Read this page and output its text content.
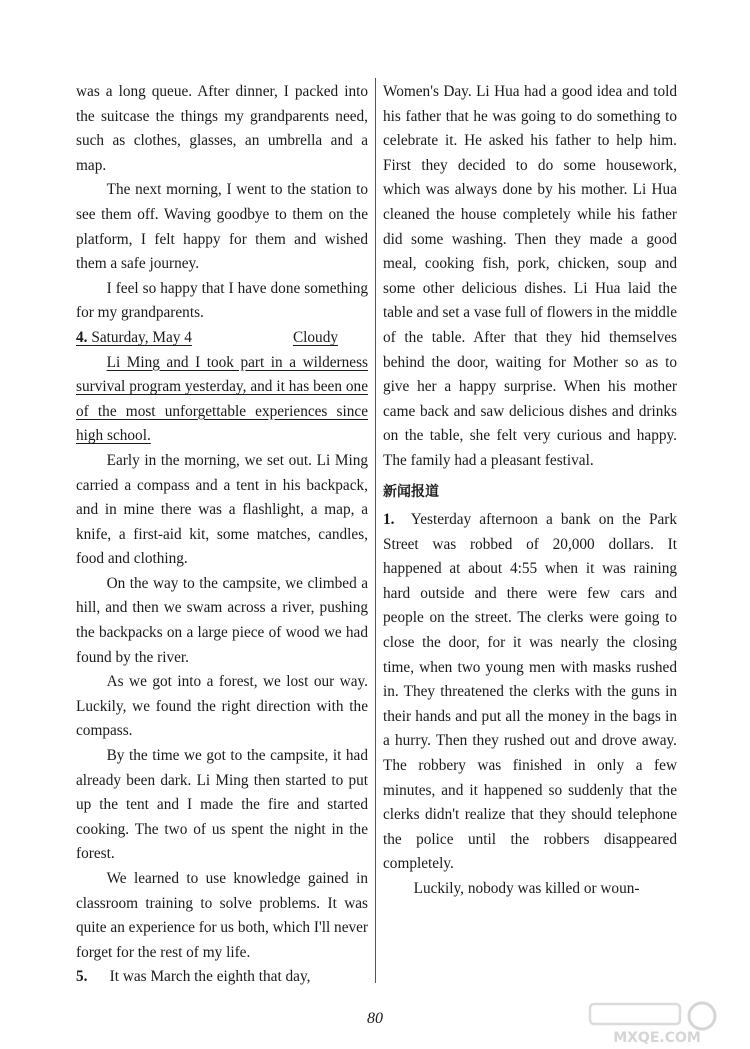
was a long queue. After dinner, I packed into the suitcase the things my grandparents need, such as clothes, glasses, an umbrella and a map.

The next morning, I went to the station to see them off. Waving goodbye to them on the platform, I felt happy for them and wished them a safe journey.

I feel so happy that I have done something for my grandparents.

4. Saturday, May 4	Cloudy

Li Ming and I took part in a wilderness survival program yesterday, and it has been one of the most unforgettable experiences since high school.

Early in the morning, we set out. Li Ming carried a compass and a tent in his backpack, and in mine there was a flashlight, a map, a knife, a first-aid kit, some matches, candles, food and clothing.

On the way to the campsite, we climbed a hill, and then we swam across a river, pushing the backpacks on a large piece of wood we had found by the river.

As we got into a forest, we lost our way. Luckily, we found the right direction with the compass.

By the time we got to the campsite, it had already been dark. Li Ming then started to put up the tent and I made the fire and started cooking. The two of us spent the night in the forest.

We learned to use knowledge gained in classroom training to solve problems. It was quite an experience for us both, which I'll never forget for the rest of my life.

5.	It was March the eighth that day,

Women's Day. Li Hua had a good idea and told his father that he was going to do something to celebrate it. He asked his father to help him. First they decided to do some housework, which was always done by his mother. Li Hua cleaned the house completely while his father did some washing. Then they made a good meal, cooking fish, pork, chicken, soup and some other delicious dishes. Li Hua laid the table and set a vase full of flowers in the middle of the table. After that they hid themselves behind the door, waiting for Mother so as to give her a happy surprise. When his mother came back and saw delicious dishes and drinks on the table, she felt very curious and happy. The family had a pleasant festival.

新闻报道

1. Yesterday afternoon a bank on the Park Street was robbed of 20,000 dollars. It happened at about 4:55 when it was raining hard outside and there were few cars and people on the street. The clerks were going to close the door, for it was nearly the closing time, when two young men with masks rushed in. They threatened the clerks with the guns in their hands and put all the money in the bags in a hurry. Then they rushed out and drove away. The robbery was finished in only a few minutes, and it happened so suddenly that the clerks didn't realize that they should telephone the police until the robbers disappeared completely.

Luckily, nobody was killed or woun-

80
MXQE.COM
